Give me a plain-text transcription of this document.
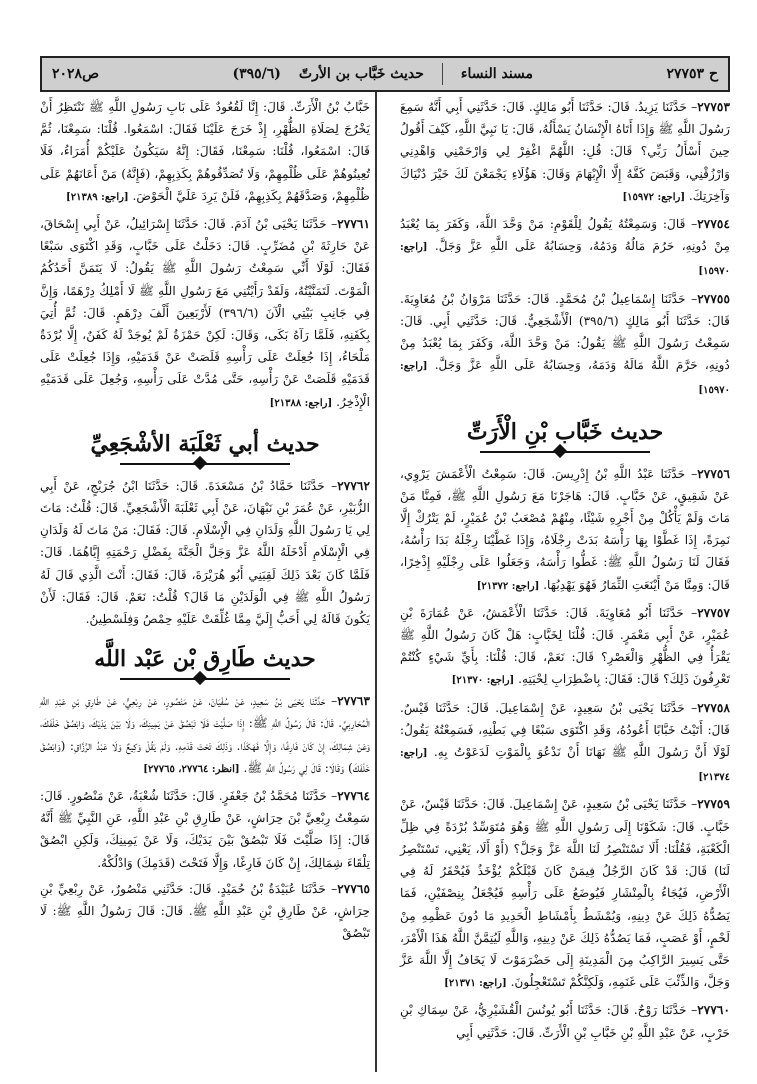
ح ٢٧٧٥٣
مسند النساء
حديث خَبَّاب بن الأرتّ
(٣٩٥/٦)
ص٢٠٢٨

٢٧٧٥٣– حَدَّثَنَا يَزِيدُ. قَالَ: حَدَّثَنَا أَبُو مَالِكٍ. قَالَ: حَدَّثَنِي أَبِي أَنَّهُ سَمِعَ رَسُولَ اللَّهِ ﷺ وَإِذَا أَتَاهُ الْإِنْسَانُ يَسْأَلُهُ، قَالَ: يَا نَبِيَّ اللَّهِ، كَيْفَ أَقُولُ حِينَ أَسْأَلُ رَبِّي؟ قَالَ: قُلِ: اللَّهُمَّ اغْفِرْ لِي وَارْحَمْنِي وَاهْدِنِي وَارْزُقْنِي، وَقَبَضَ كَفَّهُ إِلَّا الْإِبْهَامَ وَقَالَ: هَؤُلَاءِ يَجْمَعْنَ لَكَ خَيْرَ دُنْيَاكَ وَآخِرَتِكَ. [راجع: ١٥٩٧٢]

٢٧٧٥٤– قَالَ: وَسَمِعْتُهُ يَقُولُ لِلْقَوْمِ: مَنْ وَحَّدَ اللَّهَ، وَكَفَرَ بِمَا يُعْبَدُ مِنْ دُونِهِ، حَرُمَ مَالُهُ وَدَمُهُ، وَحِسَابُهُ عَلَى اللَّهِ عَزَّ وَجَلَّ. [راجع: ١٥٩٧٠]

٢٧٧٥٥– حَدَّثَنَا إِسْمَاعِيلُ بْنُ مُحَمَّدٍ. قَالَ: حَدَّثَنَا مَرْوَانُ بْنُ مُعَاوِيَةَ. قَالَ: حَدَّثَنَا أَبُو مَالِكٍ (٣٩٥/٦) الْأَشْجَعِيُّ. قَالَ: حَدَّثَنِي أَبِي. قَالَ: سَمِعْتُ رَسُولَ اللَّهِ ﷺ يَقُولُ: مَنْ وَحَّدَ اللَّهَ، وَكَفَرَ بِمَا يُعْبَدُ مِنْ دُونِهِ، حَرَّمَ اللَّهُ مَالَهُ وَدَمَهُ، وَحِسَابُهُ عَلَى اللَّهِ عَزَّ وَجَلَّ. [راجع: ١٥٩٧٠]

حديث خَبَّاب بْنِ الْأَرَتِّ

٢٧٧٥٦– حَدَّثَنَا عَبْدُ اللَّهِ بْنُ إِدْرِيسَ. قَالَ: سَمِعْتُ الْأَعْمَشَ يَرْوِي، عَنْ شَقِيقٍ، عَنْ خَبَّابٍ. قَالَ: هَاجَرْنَا مَعَ رَسُولِ اللَّهِ ﷺ، فَمِنَّا مَنْ مَاتَ وَلَمْ يَأْكُلْ مِنْ أَجْرِهِ شَيْئًا، مِنْهُمْ مُصْعَبُ بْنُ عُمَيْرٍ، لَمْ يَتْرُكْ إِلَّا نَمِرَةً، إِذَا غَطَّوْا بِهَا رَأْسَهُ بَدَتْ رِجْلَاهُ، وَإِذَا غَطَّيْنَا رِجْلَهُ بَدَا رَأْسُهُ، فَقَالَ لَنَا رَسُولُ اللَّهِ ﷺ: غَطُّوا رَأْسَهُ، وَجَعَلُوا عَلَى رِجْلَيْهِ إِذْخِرًا، قَالَ: وَمِنَّا مَنْ أَيْنَعَتِ الثِّمَارُ فَهُوَ يَهْدِبُهَا. [راجع: ٢١٣٧٢]

٢٧٧٥٧– حَدَّثَنَا أَبُو مُعَاوِيَةَ. قَالَ: حَدَّثَنَا الْأَعْمَشُ، عَنْ عُمَارَةَ بْنِ عُمَيْرٍ، عَنْ أَبِي مَعْمَرٍ. قَالَ: قُلْنَا لِخَبَّابٍ: هَلْ كَانَ رَسُولُ اللَّهِ ﷺ يَقْرَأُ فِي الظُّهْرِ وَالْعَصْرِ؟ قَالَ: نَعَمْ، قَالَ: قُلْنَا: بِأَيِّ شَيْءٍ كُنْتُمْ تَعْرِفُونَ ذَلِكَ؟ قَالَ: فَقَالَ: بِاضْطِرَابِ لِحْيَتِهِ. [راجع: ٢١٣٧٠]

٢٧٧٥٨– حَدَّثَنَا يَحْيَى بْنُ سَعِيدٍ، عَنْ إِسْمَاعِيلَ. قَالَ: حَدَّثَنَا قَيْسٌ. قَالَ: أَتَيْتُ خَبَّابًا أَعُودُهُ، وَقَدِ اكْتَوَى سَبْعًا فِي بَطْنِهِ، فَسَمِعْتُهُ يَقُولُ: لَوْلَا أَنَّ رَسُولَ اللَّهِ ﷺ نَهَانَا أَنْ نَدْعُوَ بِالْمَوْتِ لَدَعَوْتُ بِهِ. [راجع: ٢١٣٧٤]

٢٧٧٥٩– حَدَّثَنَا يَحْيَى بْنُ سَعِيدٍ، عَنْ إِسْمَاعِيلَ. قَالَ: حَدَّثَنَا قَيْسٌ، عَنْ خَبَّابٍ. قَالَ: شَكَوْنَا إِلَى رَسُولِ اللَّهِ ﷺ وَهُوَ مُتَوَسِّدٌ بُرْدَةً فِي ظِلِّ الْكَعْبَةِ، فَقُلْنَا: أَلَا تَسْتَنْصِرُ لَنَا اللَّهَ عَزَّ وَجَلَّ؟ (أَوْ أَلَا، يَعْنِي، تَسْتَنْصِرُ لَنَا) قَالَ: قَدْ كَانَ الرَّجُلُ فِيمَنْ كَانَ قَبْلَكُمْ يُؤْخَذُ فَيُحْفَرُ لَهُ فِي الْأَرْضِ، فَيُجَاءُ بِالْمِنْشَارِ فَيُوضَعُ عَلَى رَأْسِهِ فَيُجْعَلُ بِنِصْفَيْنِ، فَمَا يَصُدُّهُ ذَلِكَ عَنْ دِينِهِ، وَيُمْشَطُ بِأَمْشَاطِ الْحَدِيدِ مَا دُونَ عَظْمِهِ مِنْ لَحْمٍ، أَوْ عَصَبٍ، فَمَا يَصُدُّهُ ذَلِكَ عَنْ دِينِهِ، وَاللَّهِ لَيُتِمَّنَّ اللَّهُ هَذَا الْأَمْرَ، حَتَّى يَسِيرَ الرَّاكِبُ مِنَ الْمَدِينَةِ إِلَى حَضْرَمَوْتَ لَا يَخَافُ إِلَّا اللَّهَ عَزَّ وَجَلَّ، وَالذِّئْبَ عَلَى غَنَمِهِ، وَلَكِنَّكُمْ تَسْتَعْجِلُونَ. [راجع: ٢١٣٧١]

٢٧٧٦٠– حَدَّثَنَا رَوْحٌ. قَالَ: حَدَّثَنَا أَبُو يُونُسَ الْقُشَيْرِيُّ، عَنْ سِمَاكِ بْنِ حَرْبٍ، عَنْ عَبْدِ اللَّهِ بْنِ خَبَّابِ بْنِ الْأَرَتِّ. قَالَ: حَدَّثَنِي أَبِي

خَبَّابُ بْنُ الْأَرَتِّ. قَالَ: إِنَّا لَقُعُودٌ عَلَى بَابِ رَسُولِ اللَّهِ ﷺ نَنْتَظِرُ أَنْ يَخْرُجَ لِصَلَاةِ الظُّهْرِ، إِذْ خَرَجَ عَلَيْنَا فَقَالَ: اسْمَعُوا. قُلْنَا: سَمِعْنَا، ثُمَّ قَالَ: اسْمَعُوا، قُلْنَا: سَمِعْنَا، فَقَالَ: إِنَّهُ سَيَكُونُ عَلَيْكُمْ أُمَرَاءُ، فَلَا تُعِينُوهُمْ عَلَى ظُلْمِهِمْ، وَلَا تُصَدِّقُوهُمْ بِكَذِبِهِمْ، (فَإِنَّهُ) مَنْ أَعَانَهُمْ عَلَى ظُلْمِهِمْ، وَصَدَّقَهُمْ بِكَذِبِهِمْ، فَلَنْ يَرِدَ عَلَيَّ الْحَوْضَ. [راجع: ٢١٣٨٩]

٢٧٧٦١– حَدَّثَنَا يَحْيَى بْنُ آدَمَ. قَالَ: حَدَّثَنَا إِسْرَائِيلُ، عَنْ أَبِي إِسْحَاقَ، عَنْ حَارِثَةَ بْنِ مُضَرِّبٍ. قَالَ: دَخَلْتُ عَلَى خَبَّابٍ، وَقَدِ اكْتَوَى سَبْعًا فَقَالَ: لَوْلَا أَنِّي سَمِعْتُ رَسُولَ اللَّهِ ﷺ يَقُولُ: لَا يَتَمَنَّ أَحَدُكُمُ الْمَوْتَ. لَتَمَنَّيْتُهُ، وَلَقَدْ رَأَيْتُنِي مَعَ رَسُولِ اللَّهِ ﷺ لَا أَمْلِكُ دِرْهَمًا، وَإِنَّ فِي جَانِبِ بَيْتِي الْآنَ (٣٩٦/٦) لَأَرْبَعِينَ أَلْفَ دِرْهَمٍ. قَالَ: ثُمَّ أُتِيَ بِكَفَنِهِ، فَلَمَّا رَآهُ بَكَى، وَقَالَ: لَكِنْ حَمْزَةُ لَمْ يُوجَدْ لَهُ كَفَنٌ، إِلَّا بُرْدَةٌ مَلْحَاءُ، إِذَا جُعِلَتْ عَلَى رَأْسِهِ قَلَصَتْ عَنْ قَدَمَيْهِ، وَإِذَا جُعِلَتْ عَلَى قَدَمَيْهِ قَلَصَتْ عَنْ رَأْسِهِ، حَتَّى مُدَّتْ عَلَى رَأْسِهِ، وَجُعِلَ عَلَى قَدَمَيْهِ الْإِذْخِرُ. [راجع: ٢١٣٨٨]

حديث أبي ثَعْلَبَة الأشْجَعِيِّ

٢٧٧٦٢– حَدَّثَنَا حَمَّادُ بْنُ مَسْعَدَةَ. قَالَ: حَدَّثَنَا ابْنُ جُرَيْجٍ، عَنْ أَبِي الزُّبَيْرِ، عَنْ عُمَرَ بْنِ نَبْهَانَ، عَنْ أَبِي ثَعْلَبَةَ الْأَشْجَعِيِّ. قَالَ: قُلْتُ: مَاتَ لِي يَا رَسُولَ اللَّهِ وَلَدَانِ فِي الْإِسْلَامِ. قَالَ: فَقَالَ: مَنْ مَاتَ لَهُ وَلَدَانِ فِي الْإِسْلَامِ أَدْخَلَهُ اللَّهُ عَزَّ وَجَلَّ الْجَنَّةَ بِفَضْلِ رَحْمَتِهِ إِيَّاهُمَا. قَالَ: فَلَمَّا كَانَ بَعْدَ ذَلِكَ لَقِيَنِي أَبُو هُرَيْرَةَ، قَالَ: فَقَالَ: أَنْتَ الَّذِي قَالَ لَهُ رَسُولُ اللَّهِ ﷺ فِي الْوَلَدَيْنِ مَا قَالَ؟ قُلْتُ: نَعَمْ. قَالَ: فَقَالَ: لَأَنْ يَكُونَ قَالَهُ لِي أَحَبُّ إِلَيَّ مِمَّا غُلِّقَتْ عَلَيْهِ حِمْصُ وَفِلَسْطِينُ.

حديث طَارِق بْن عَبْد اللَّه

٢٧٧٦٣– حَدَّثَنَا يَحْيَى بْنُ سَعِيدٍ، عَنْ سُفْيَانَ، عَنْ مَنْصُورٍ، عَنْ رِبْعِيٍّ، عَنْ طَارِقِ بْنِ عَبْدِ اللَّهِ الْمُحَارِبِيِّ. قَالَ: قَالَ رَسُولُ اللَّهِ ﷺ: إِذَا صَلَّيْتَ فَلَا تَبْصُقْ عَنْ يَمِينِكَ، وَلَا بَيْنَ يَدَيْكَ، وَابْصُقْ خَلْفَكَ، وَعَنْ شِمَالِكَ، إِنْ كَانَ فَارِغًا، وَإِلَّا فَهَكَذَا. وَذَلِكَ تَحْتَ قَدَمِهِ. وَلَمْ يَقُلْ وَكِيعٌ وَلَا عَبْدُ الرَّزَّاقِ: (وَابْصُقْ خَلْفَكَ) وَقَالَا: قَالَ لِي رَسُولُ اللَّهِ ﷺ. [انظر: ٢٧٧٦٤، ٢٧٧٦٥]

٢٧٧٦٤– حَدَّثَنَا مُحَمَّدُ بْنُ جَعْفَرٍ. قَالَ: حَدَّثَنَا شُعْبَةُ، عَنْ مَنْصُورٍ. قَالَ: سَمِعْتُ رِبْعِيَّ بْنَ حِرَاشٍ، عَنْ طَارِقِ بْنِ عَبْدِ اللَّهِ، عَنِ النَّبِيِّ ﷺ أَنَّهُ قَالَ: إِذَا صَلَّيْتَ فَلَا تَبْصُقْ بَيْنَ يَدَيْكَ، وَلَا عَنْ يَمِينِكَ، وَلَكِنِ ابْصُقْ تِلْقَاءَ شِمَالِكَ، إِنْ كَانَ فَارِغًا، وَإِلَّا فَتَحْتَ (قَدَمِكَ) وَادْلُكْهُ.

٢٧٧٦٥– حَدَّثَنَا عُبَيْدَةُ بْنُ حُمَيْدٍ. قَالَ: حَدَّثَنِي مَنْصُورٌ، عَنْ رِبْعِيِّ بْنِ حِرَاشٍ، عَنْ طَارِقِ بْنِ عَبْدِ اللَّهِ ﷺ. قَالَ: قَالَ رَسُولُ اللَّهِ ﷺ: لَا تَبْصُقْ
